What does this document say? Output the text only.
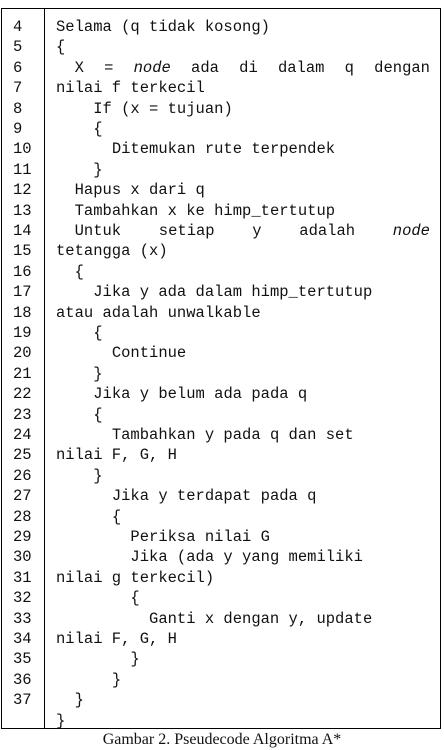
4	Selama (q tidak kosong)
5	{
6	X = node ada di dalam q dengan
7	nilai f terkecil
8	If (x = tujuan)
9	{
10	Ditemukan rute terpendek
11	}
12	Hapus x dari q
13	Tambahkan x ke himp_tertutup
14	Untuk setiap y adalah node
15	tetangga (x)
16	{
17	Jika y ada dalam himp_tertutup
18	atau adalah unwalkable
19	{
20	Continue
21	}
22	Jika y belum ada pada q
23	{
24	Tambahkan y pada q dan set
25	nilai F, G, H
26	}
27	Jika y terdapat pada q
28	{
29	Periksa nilai G
30	Jika (ada y yang memiliki
31	nilai g terkecil)
32	{
33	Ganti x dengan y, update
34	nilai F, G, H
35	}
36	}
37	}
}
Gambar 2. Pseudecode Algoritma A*
